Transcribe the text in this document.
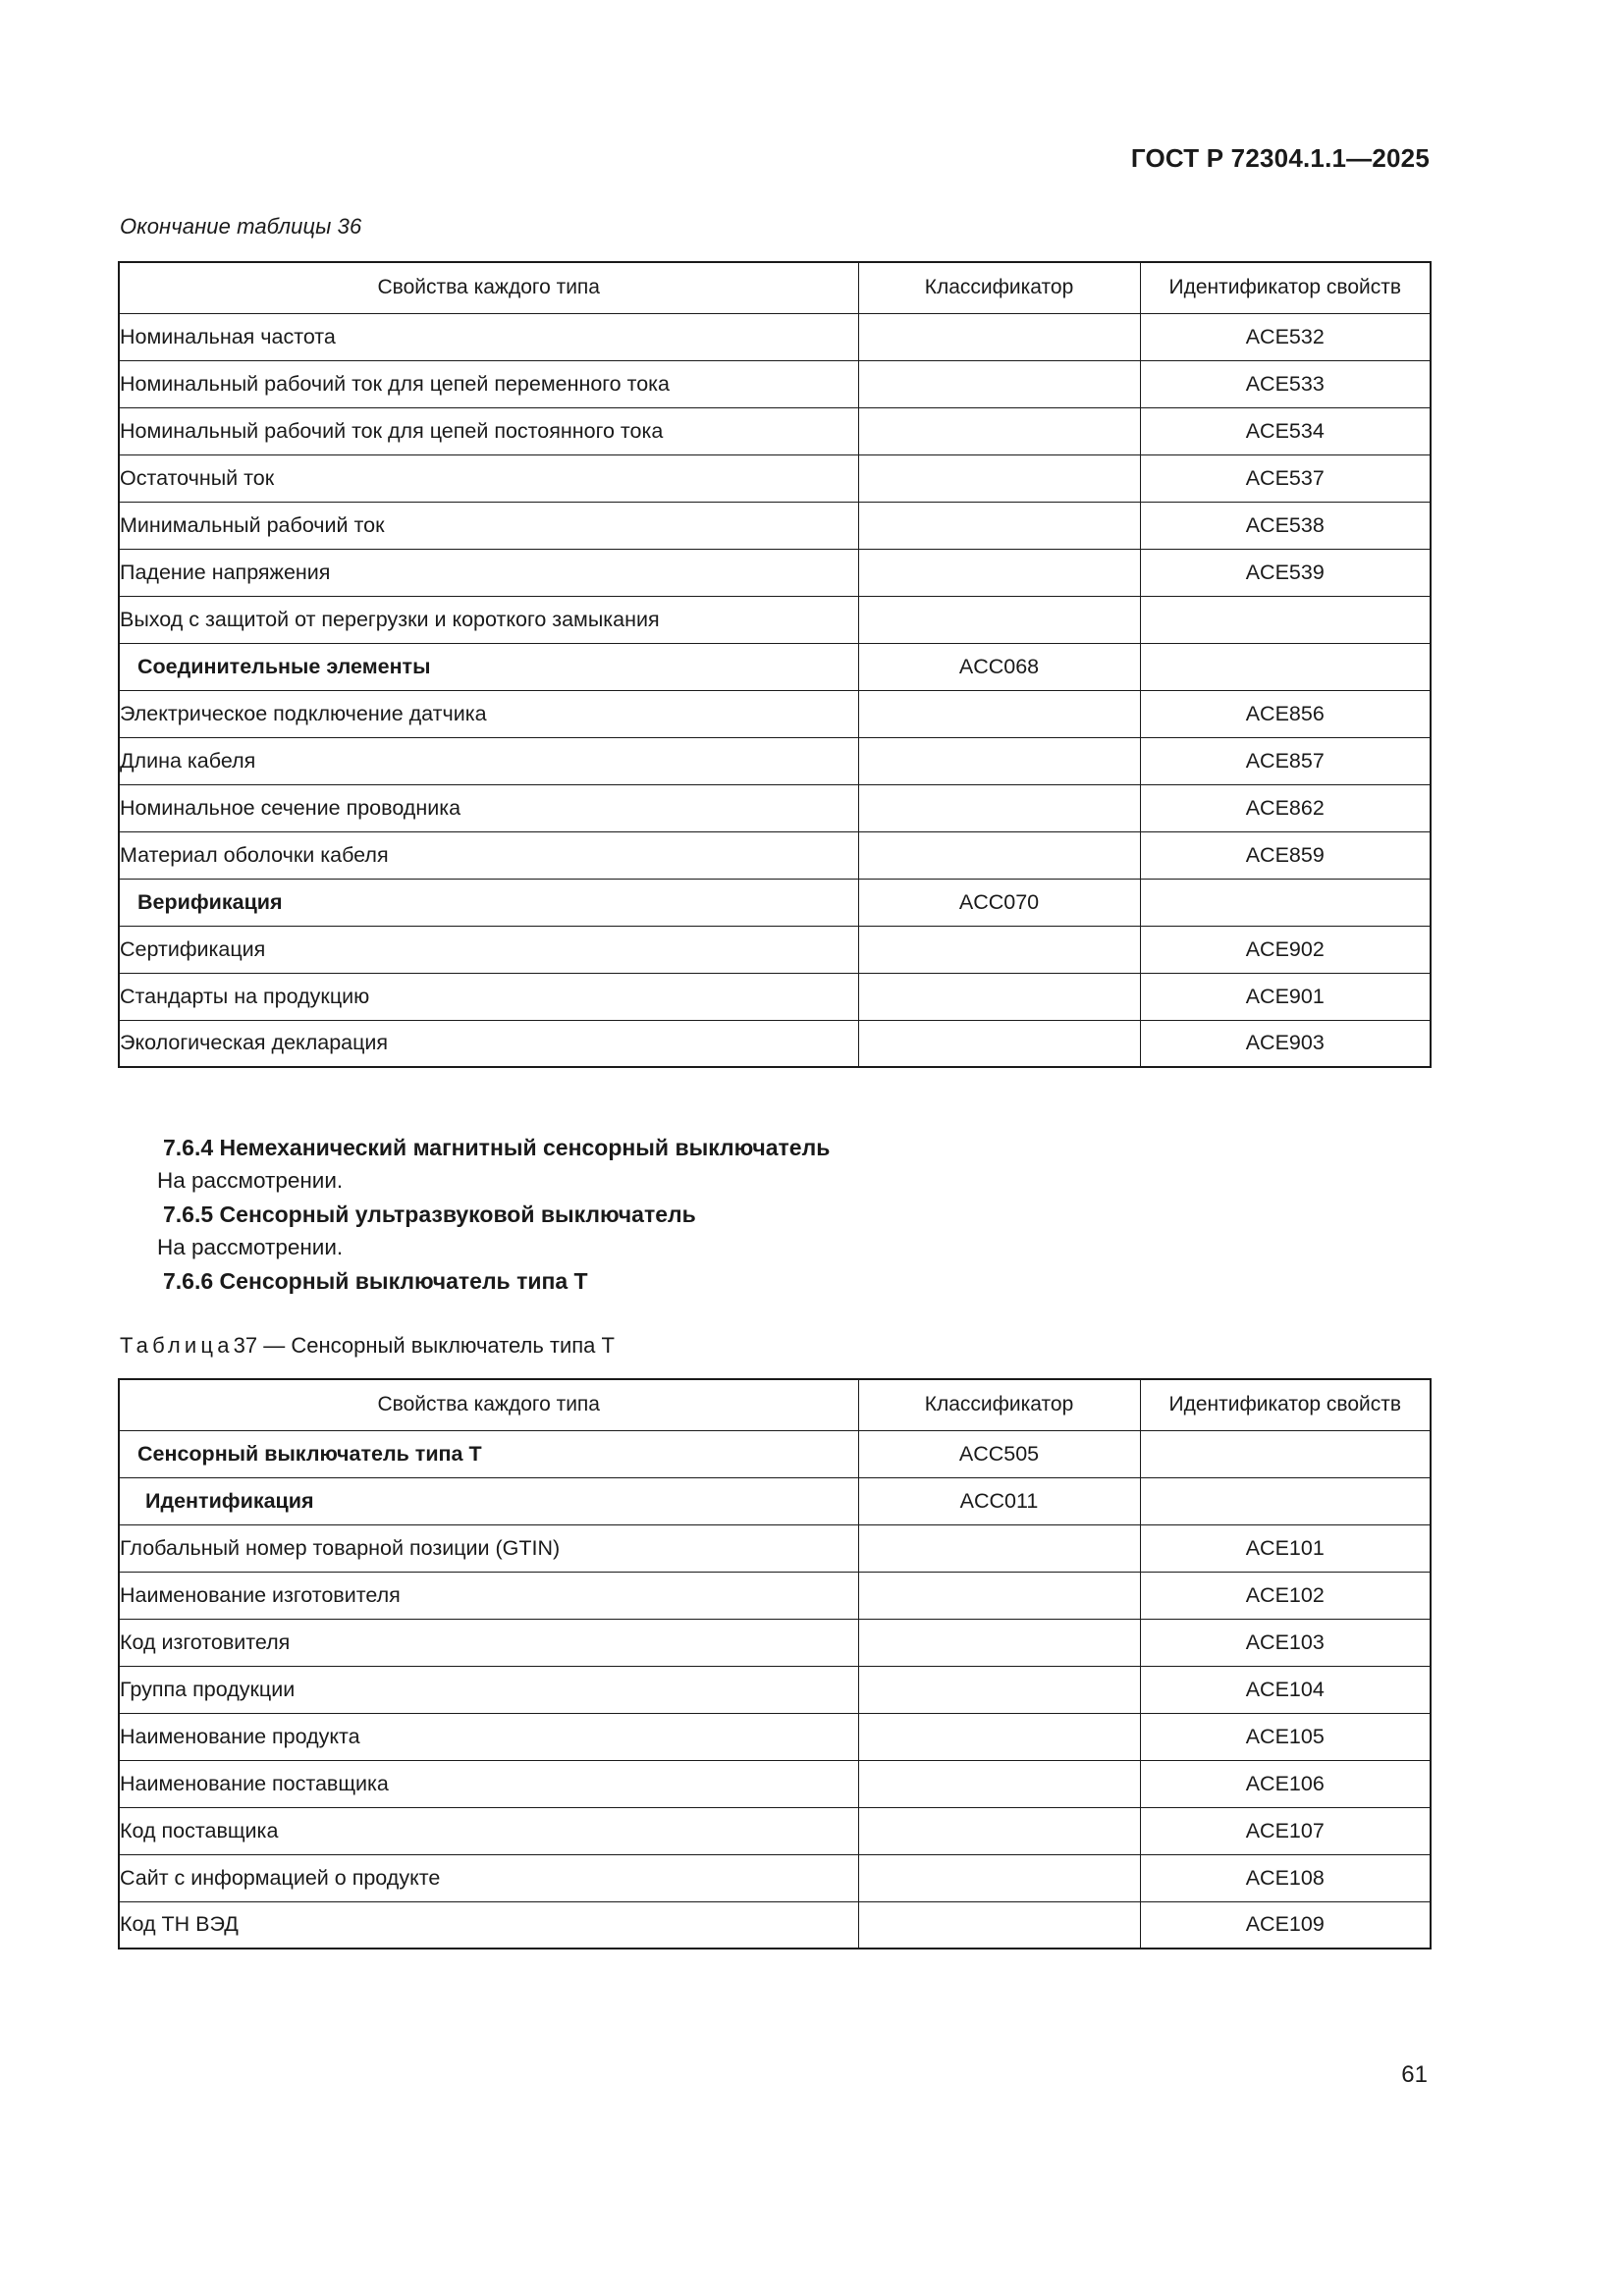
ГОСТ Р 72304.1.1—2025
Окончание таблицы 36
Свойства каждого типа	Классификатор	Идентификатор свойств
Номинальная частота		ACE532
Номинальный рабочий ток для цепей переменного тока		ACE533
Номинальный рабочий ток для цепей постоянного тока		ACE534
Остаточный ток		ACE537
Минимальный рабочий ток		ACE538
Падение напряжения		ACE539
Выход с защитой от перегрузки и короткого замыкания		
Соединительные элементы	ACC068	
Электрическое подключение датчика		ACE856
Длина кабеля		ACE857
Номинальное сечение проводника		ACE862
Материал оболочки кабеля		ACE859
Верификация	ACC070	
Сертификация		ACE902
Стандарты на продукцию		ACE901
Экологическая декларация		ACE903
7.6.4 Немеханический магнитный сенсорный выключатель
На рассмотрении.
7.6.5 Сенсорный ультразвуковой выключатель
На рассмотрении.
7.6.6 Сенсорный выключатель типа Т
Таблица37 — Сенсорный выключатель типа Т
Свойства каждого типа	Классификатор	Идентификатор свойств
Сенсорный выключатель типа Т	ACC505	
Идентификация	ACC011	
Глобальный номер товарной позиции (GTIN)		ACE101
Наименование изготовителя		ACE102
Код изготовителя		ACE103
Группа продукции		ACE104
Наименование продукта		ACE105
Наименование поставщика		ACE106
Код поставщика		ACE107
Сайт с информацией о продукте		ACE108
Код ТН ВЭД		ACE109
61
